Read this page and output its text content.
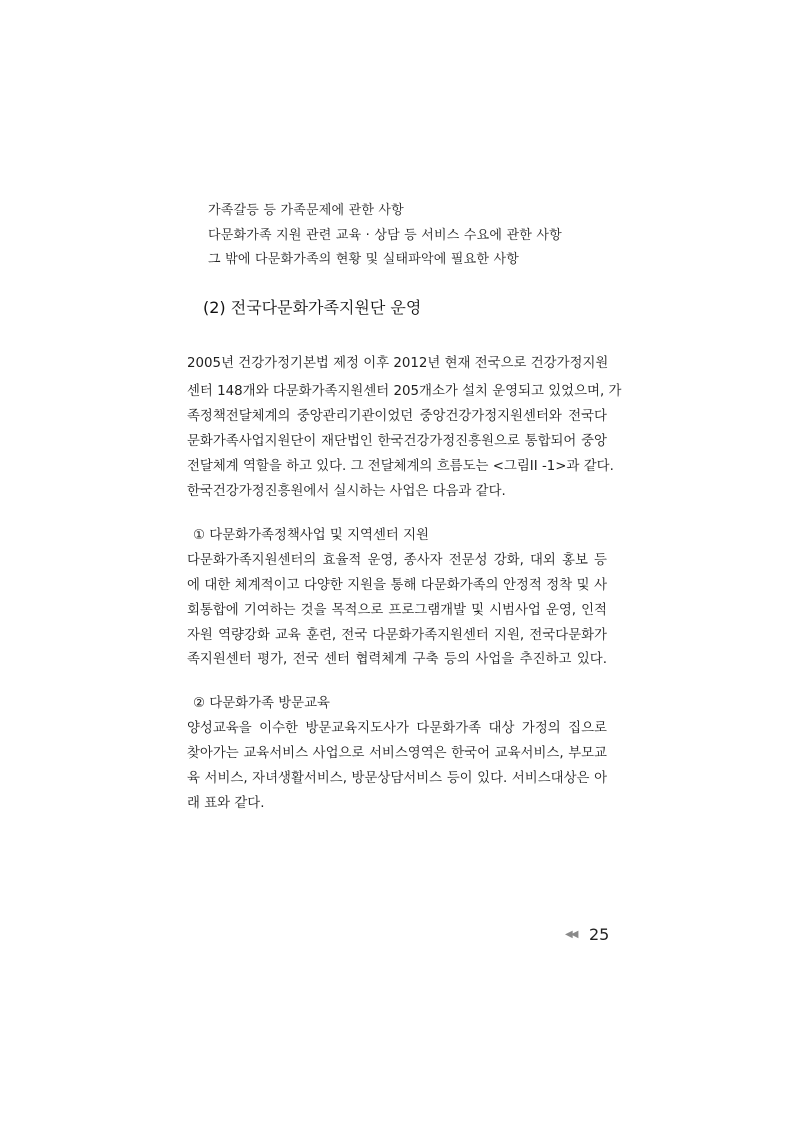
가족갈등 등 가족문제에 관한 사항
다문화가족 지원 관련 교육 · 상담 등 서비스 수요에 관한 사항
그 밖에 다문화가족의 현황 및 실태파악에 필요한 사항
(2) 전국다문화가족지원단 운영
2005년 건강가정기본법 제정 이후 2012년 현재 전국으로 건강가정지원
센터 148개와 다문화가족지원센터 205개소가 설치 운영되고 있었으며, 가
족정책전달체계의 중앙관리기관이었던 중앙건강가정지원센터와 전국다
문화가족사업지원단이 재단법인 한국건강가정진흥원으로 통합되어 중앙
전달체계 역할을 하고 있다. 그 전달체계의 흐름도는 <그림II -1>과 같다.
한국건강가정진흥원에서 실시하는 사업은 다음과 같다.
① 다문화가족정책사업 및 지역센터 지원
다문화가족지원센터의 효율적 운영, 종사자 전문성 강화, 대외 홍보 등
에 대한 체계적이고 다양한 지원을 통해 다문화가족의 안정적 정착 및 사
회통합에 기여하는 것을 목적으로 프로그램개발 및 시범사업 운영, 인적
자원 역량강화 교육 훈련, 전국 다문화가족지원센터 지원, 전국다문화가
족지원센터 평가, 전국 센터 협력체계 구축 등의 사업을 추진하고 있다.
② 다문화가족 방문교육
양성교육을 이수한 방문교육지도사가 다문화가족 대상 가정의 집으로
찾아가는 교육서비스 사업으로 서비스영역은 한국어 교육서비스, 부모교
육 서비스, 자녀생활서비스, 방문상담서비스 등이 있다. 서비스대상은 아
래 표와 같다.
◀◀ 25
